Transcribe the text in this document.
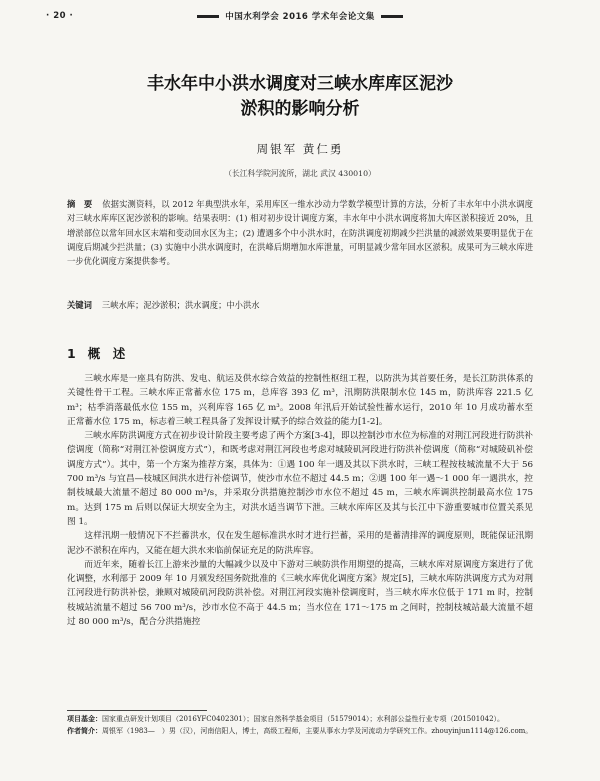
· 20 ·	中国水利学会 2016 学术年会论文集
丰水年中小洪水调度对三峡水库库区泥沙
淤积的影响分析
周银军 黄仁勇
（长江科学院河流所，湖北 武汉 430010）
摘　要 依据实测资料，以 2012 年典型洪水年，采用库区一维水沙动力学数学模型计算的方法，分析了丰水年中小洪水调度对三峡水库库区泥沙淤积的影响。结果表明：(1) 相对初步设计调度方案，丰水年中小洪水调度将加大库区淤积接近 20%，且增淤部位以常年回水区末端和变动回水区为主；(2) 遭遇多个中小洪水时，在防洪调度初期减少拦洪量的减淤效果要明显优于在调度后期减少拦洪量；(3) 实施中小洪水调度时，在洪峰后期增加水库泄量，可明显减少常年回水区淤积。成果可为三峡水库进一步优化调度方案提供参考。
关键词 三峡水库；泥沙淤积；洪水调度；中小洪水
1 概　述

三峡水库是一座具有防洪、发电、航运及供水综合效益的控制性枢纽工程，以防洪为其首要任务，是长江防洪体系的关键性骨干工程。三峡水库正常蓄水位 175 m，总库容 393 亿 m³，汛期防洪限制水位 145 m，防洪库容 221.5 亿 m³；枯季消落最低水位 155 m，兴利库容 165 亿 m³。2008 年汛后开始试验性蓄水运行，2010 年 10 月成功蓄水至正常蓄水位 175 m，标志着三峡工程具备了发挥设计赋予的综合效益的能力[1-2]。

三峡水库防洪调度方式在初步设计阶段主要考虑了两个方案[3-4]，即以控制沙市水位为标准的对荆江河段进行防洪补偿调度（简称“对荆江补偿调度方式”），和既考虑对荆江河段也考虑对城陵矶河段进行防洪补偿调度（简称“对城陵矶补偿调度方式”）。其中，第一个方案为推荐方案，具体为：①遇 100 年一遇及其以下洪水时，三峡工程按枝城流量不大于 56 700 m³/s 与宜昌—枝城区间洪水进行补偿调节，使沙市水位不超过 44.5 m；②遇 100 年一遇～1 000 年一遇洪水，控制枝城最大流量不超过 80 000 m³/s，并采取分洪措施控制沙市水位不超过 45 m，三峡水库调洪控制最高水位 175 m。达到 175 m 后则以保证大坝安全为主，对洪水适当调节下泄。三峡水库库区及其与长江中下游重要城市位置关系见图 1。

这样汛期一般情况下不拦蓄洪水，仅在发生超标准洪水时才进行拦蓄，采用的是蓄清排浑的调度原则，既能保证汛期泥沙不淤积在库内，又能在超大洪水来临前保证充足的防洪库容。

而近年来，随着长江上游来沙量的大幅减少以及中下游对三峡防洪作用期望的提高，三峡水库对原调度方案进行了优化调整，水利部于 2009 年 10 月颁发经国务院批准的《三峡水库优化调度方案》规定[5]，三峡水库防洪调度方式为对荆江河段进行防洪补偿，兼顾对城陵矶河段防洪补偿。对荆江河段实施补偿调度时，当三峡水库水位低于 171 m 时，控制枝城站流量不超过 56 700 m³/s，沙市水位不高于 44.5 m；当水位在 171～175 m 之间时，控制枝城站最大流量不超过 80 000 m³/s，配合分洪措施控

项目基金：国家重点研发计划项目（2016YFC0402301）；国家自然科学基金项目（51579014）；水利部公益性行业专项（201501042）。
作者简介：周银军（1983—　）男（汉），河南信阳人，博士，高级工程师，主要从事水力学及河流动力学研究工作。zhouyinjun1114@126.com。
